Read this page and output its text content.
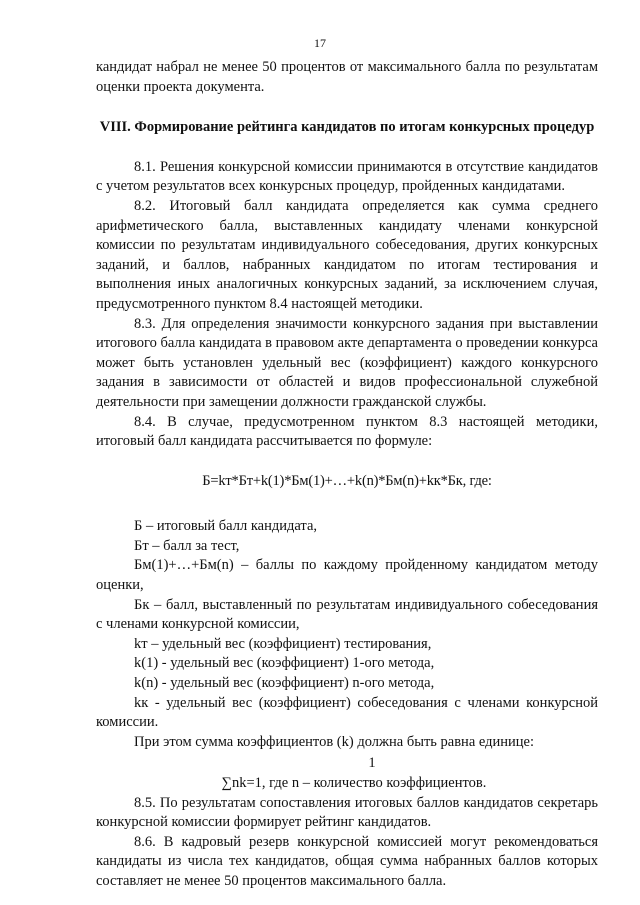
17

кандидат набрал не менее 50 процентов от максимального балла по результатам оценки проекта документа.

VIII. Формирование рейтинга кандидатов по итогам конкурсных процедур

8.1. Решения конкурсной комиссии принимаются в отсутствие кандидатов с учетом результатов всех конкурсных процедур, пройденных кандидатами.

8.2. Итоговый балл кандидата определяется как сумма среднего арифметического балла, выставленных кандидату членами конкурсной комиссии по результатам индивидуального собеседования, других конкурсных заданий, и баллов, набранных кандидатом по итогам тестирования и выполнения иных аналогичных конкурсных заданий, за исключением случая, предусмотренного пунктом 8.4 настоящей методики.

8.3. Для определения значимости конкурсного задания при выставлении итогового балла кандидата в правовом акте департамента о проведении конкурса может быть установлен удельный вес (коэффициент) каждого конкурсного задания в зависимости от областей и видов профессиональной служебной деятельности при замещении должности гражданской службы.

8.4. В случае, предусмотренном пунктом 8.3 настоящей методики, итоговый балл кандидата рассчитывается по формуле:

Б=kт*Бт+k(1)*Бм(1)+…+k(n)*Бм(n)+kк*Бк, где:

Б – итоговый балл кандидата,

Бт – балл за тест,

Бм(1)+…+Бм(n) – баллы по каждому пройденному кандидатом методу оценки,

Бк – балл, выставленный по результатам индивидуального собеседования с членами конкурсной комиссии,

kт – удельный вес (коэффициент) тестирования,

k(1) - удельный вес (коэффициент) 1-ого метода,

k(n) - удельный вес (коэффициент) n-ого метода,

kк - удельный вес (коэффициент) собеседования с членами конкурсной комиссии.

При этом сумма коэффициентов (k) должна быть равна единице:

1

∑nk=1, где n – количество коэффициентов.

8.5. По результатам сопоставления итоговых баллов кандидатов секретарь конкурсной комиссии формирует рейтинг кандидатов.

8.6. В кадровый резерв конкурсной комиссией могут рекомендоваться кандидаты из числа тех кандидатов, общая сумма набранных баллов которых составляет не менее 50 процентов максимального балла.
